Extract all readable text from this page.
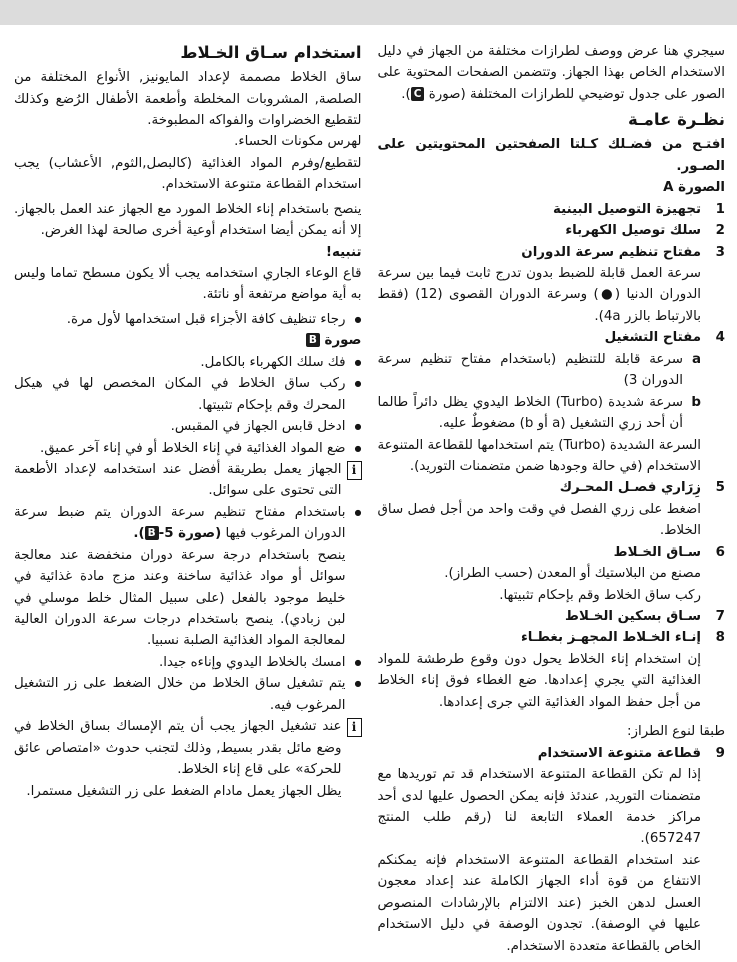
سيجري هنا عرض ووصف لطرازات مختلفة من الجهاز في دليل الاستخدام الخاص بهذا الجهاز. وتتضمن الصفحات المحتوية على الصور على جدول توضيحي للطرازات المختلفة (صورة C).

نظـرة عامـة

افتـح من فضـلك كـلتا الصفحتين المحتويتين على الصـور.

الصورة A

1
تجهيزة التوصيل البينية
2
سلك توصيل الكهرباء
3
مفتاح تنظيم سرعة الدوران

سرعة العمل قابلة للضبط بدون تدرج ثابت فيما بين سرعة الدوران الدنيا (●) وسرعة الدوران القصوى (12) (فقط بالارتباط بالزر 4a).

4
مفتاح التشغيل
a
سرعة قابلة للتنظيم (باستخدام مفتاح تنظيم سرعة الدوران 3)
b
سرعة شديدة (Turbo) الخلاط اليدوي يظل دائراً طالما أن أحد زري التشغيل (a أو b) مضغوطٌ عليه.

السرعة الشديدة (Turbo) يتم استخدامها للقطاعة المتنوعة الاستخدام (في حالة وجودها ضمن متضمنات التوريد).

5
زِرَاري فصـل المحـرك

اضغط على زري الفصل في وقت واحد من أجل فصل ساق الخلاط.

6
سـاق الخـلاط

مصنع من البلاستيك أو المعدن (حسب الطراز).

ركب ساق الخلاط وقم بإحكام تثبيتها.

7
سـاق بسكين الخـلاط
8
إنـاء الخـلاط المجهـز بغطـاء

إن استخدام إناء الخلاط يحول دون وقوع طرطشة للمواد الغذائية التي يجري إعدادها. ضع الغطاء فوق إناء الخلاط من أجل حفظ المواد الغذائية التي جرى إعدادها.

طبقا لنوع الطراز:

9
قطاعة متنوعة الاستخدام

إذا لم تكن القطاعة المتنوعة الاستخدام قد تم توريدها مع متضمنات التوريد, عندئذ فإنه يمكن الحصول عليها لدى أحد مراكز خدمة العملاء التابعة لنا (رقم طلب المنتج 657247).

عند استخدام القطاعة المتنوعة الاستخدام فإنه يمكنكم الانتفاع من قوة أداء الجهاز الكاملة عند إعداد معجون العسل لدهن الخبز (عند الالتزام بالإرشادات المنصوص عليها في الوصفة). تجدون الوصفة في دليل الاستخدام الخاص بالقطاعة متعددة الاستخدام.

استخدام سـاق الخـلاط

ساق الخلاط مصممة لإعداد المايونيز, الأنواع المختلفة من الصلصة, المشروبات المخلطة وأطعمة الأطفال الرُضع وكذلك لتقطيع الخضراوات والفواكه المطبوخة.

لهرس مكونات الحساء.

لتقطيع/وفرم المواد الغذائية (كالبصل,الثوم, الأعشاب) يجب استخدام القطاعة متنوعة الاستخدام.

ينصح باستخدام إناء الخلاط المورد مع الجهاز عند العمل بالجهاز. إلا أنه يمكن أيضا استخدام أوعية أخرى صالحة لهذا الغرض.

تنبيه!

قاع الوعاء الجاري استخدامه يجب ألا يكون مسطح تماما وليس به أية مواضع مرتفعة أو ناتئة.

●
رجاء تنظيف كافة الأجزاء قبل استخدامها لأول مرة.

صورة B

●
فك سلك الكهرباء بالكامل.
●
ركب ساق الخلاط في المكان المخصص لها في هيكل المحرك وقم بإحكام تثبيتها.
●
ادخل قابس الجهاز في المقبس.
●
ضع المواد الغذائية في إناء الخلاط أو في إناء آخر عميق.
i
الجهاز يعمل بطريقة أفضل عند استخدامه لإعداد الأطعمة التى تحتوى على سوائل.
●
باستخدام مفتاح تنظيم سرعة الدوران يتم ضبط سرعة الدوران المرغوب فيها (صورة 5-B).

ينصح باستخدام درجة سرعة دوران منخفضة عند معالجة سوائل أو مواد غذائية ساخنة وعند مزج مادة غذائية في خليط موجود بالفعل (على سبيل المثال خلط موسلي في لبن زبادي). ينصح باستخدام درجات سرعة الدوران العالية لمعالجة المواد الغذائية الصلبة نسبيا.

●
امسك بالخلاط اليدوي وإناءه جيدا.
●
يتم تشغيل ساق الخلاط من خلال الضغط على زر التشغيل المرغوب فيه.
i

عند تشغيل الجهاز يجب أن يتم الإمساك بساق الخلاط في وضع مائل بقدر بسيط, وذلك لتجنب حدوث «امتصاص عائق للحركة» على قاع إناء الخلاط.

يظل الجهاز يعمل مادام الضغط على زر التشغيل مستمرا.
